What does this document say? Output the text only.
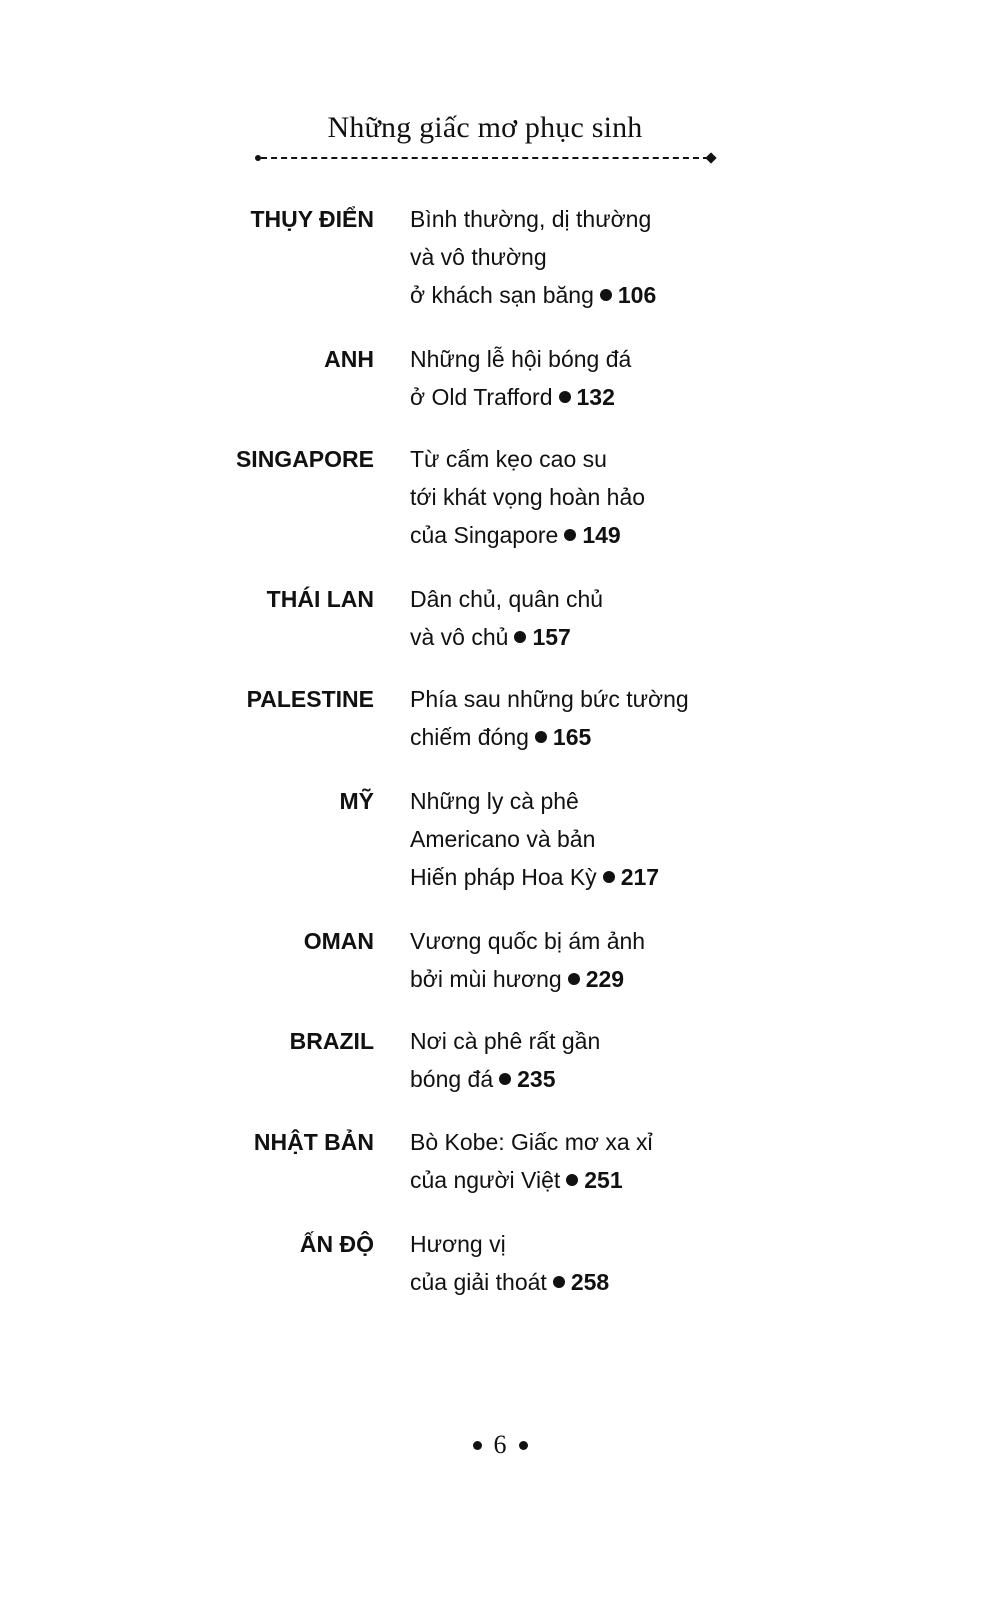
Những giấc mơ phục sinh
THỤY ĐIỂN	Bình thường, dị thường
và vô thường
ở khách sạn băng 106
ANH	Những lễ hội bóng đá
ở Old Trafford 132
SINGAPORE	Từ cấm kẹo cao su
tới khát vọng hoàn hảo
của Singapore 149
THÁI LAN	Dân chủ, quân chủ
và vô chủ 157
PALESTINE	Phía sau những bức tường
chiếm đóng 165
MỸ	Những ly cà phê
Americano và bản
Hiến pháp Hoa Kỳ 217
OMAN	Vương quốc bị ám ảnh
bởi mùi hương 229
BRAZIL	Nơi cà phê rất gần
bóng đá 235
NHẬT BẢN	Bò Kobe: Giấc mơ xa xỉ
của người Việt 251
ẤN ĐỘ	Hương vị
của giải thoát 258
6
